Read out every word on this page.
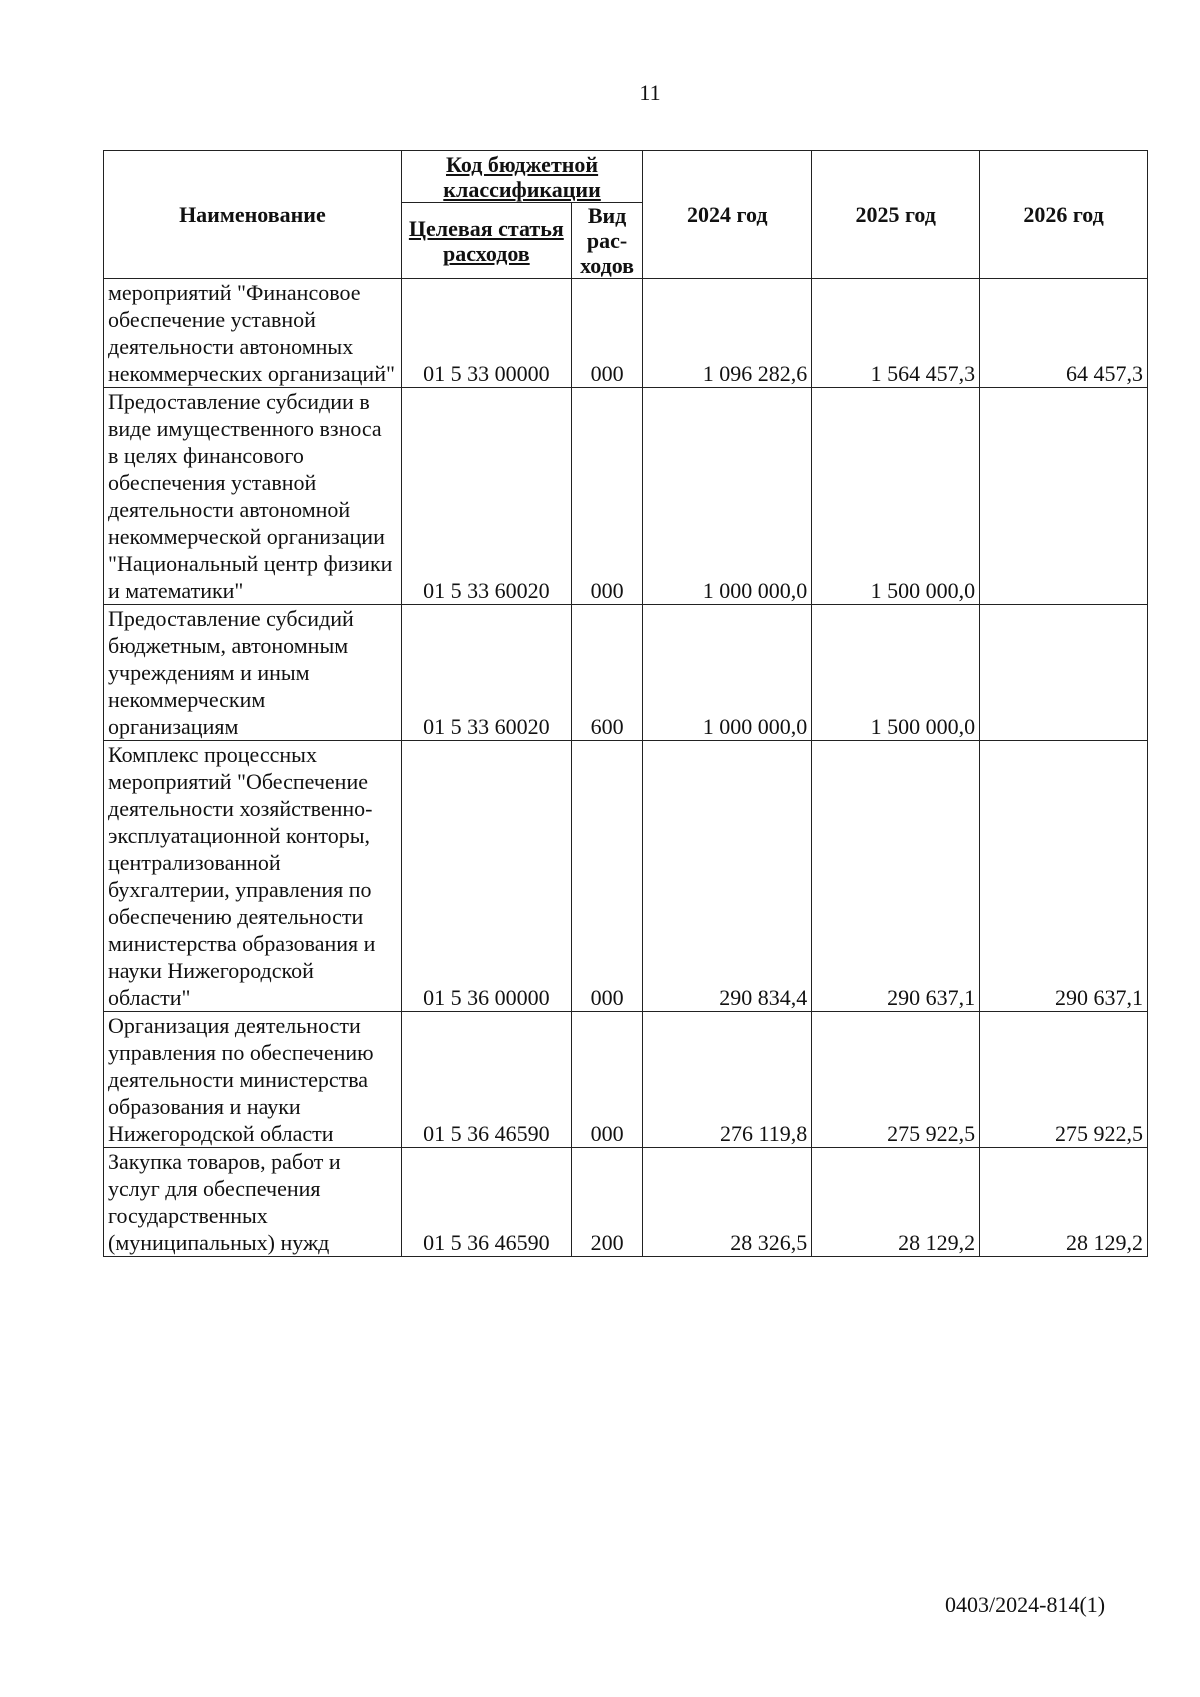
11
Наименование	Код бюджетной классификации		2024 год	2025 год	2026 год
	Целевая статья расходов	Вид рас-
ходов			
мероприятий "Финансовое обеспечение уставной деятельности автономных некоммерческих организаций"	01 5 33 00000	000	1 096 282,6	1 564 457,3	64 457,3
Предоставление субсидии в виде имущественного взноса в целях финансового обеспечения уставной деятельности автономной некоммерческой организации "Национальный центр физики и математики"	01 5 33 60020	000	1 000 000,0	1 500 000,0	
Предоставление субсидий бюджетным, автономным учреждениям и иным некоммерческим организациям	01 5 33 60020	600	1 000 000,0	1 500 000,0	
Комплекс процессных мероприятий "Обеспечение деятельности хозяйственно-эксплуатационной конторы, централизованной бухгалтерии, управления по обеспечению деятельности министерства образования и науки Нижегородской области"	01 5 36 00000	000	290 834,4	290 637,1	290 637,1
Организация деятельности управления по обеспечению деятельности министерства образования и науки Нижегородской области	01 5 36 46590	000	276 119,8	275 922,5	275 922,5
Закупка товаров, работ и услуг для обеспечения государственных (муниципальных) нужд	01 5 36 46590	200	28 326,5	28 129,2	28 129,2
0403/2024-814(1)
